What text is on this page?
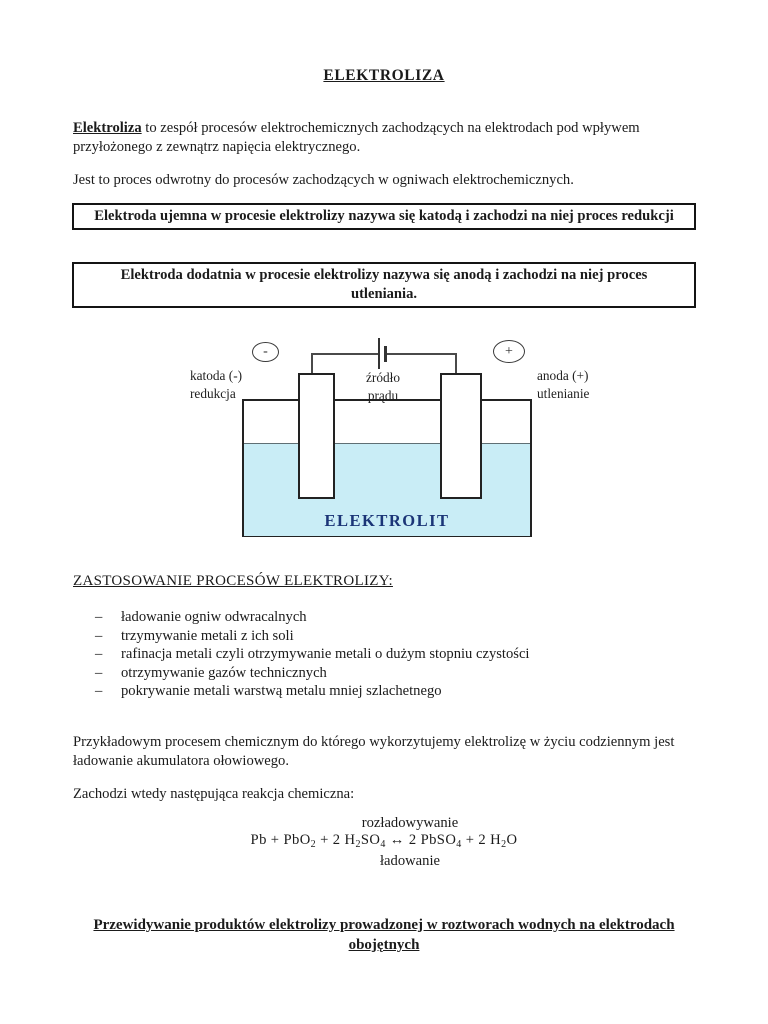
ELEKTROLIZA
Elektroliza to zespół procesów elektrochemicznych zachodzących na elektrodach pod wpływem przyłożonego z zewnątrz napięcia elektrycznego.
Jest to proces odwrotny do procesów zachodzących w ogniwach elektrochemicznych.
Elektroda ujemna w procesie elektrolizy nazywa się katodą i zachodzi na niej proces redukcji
Elektroda dodatnia w procesie elektrolizy nazywa się anodą i zachodzi na niej proces utleniania.
-	+
katoda (-)
redukcja
źródło
prądu
anoda (+)
utlenianie
ELEKTROLIT
ZASTOSOWANIE PROCESÓW ELEKTROLIZY:
–	ładowanie ogniw odwracalnych
–	trzymywanie metali z ich soli
–	rafinacja metali czyli otrzymywanie metali o dużym stopniu czystości
–	otrzymywanie gazów technicznych
–	pokrywanie metali warstwą metalu mniej szlachetnego
Przykładowym procesem chemicznym do którego wykorzytujemy elektrolizę w życiu codziennym jest ładowanie akumulatora ołowiowego.
Zachodzi wtedy następująca reakcja chemiczna:
rozładowywanie
Pb + PbO$_2$ + 2 $H_2SO_4$ ↔ 2 PbSO$_4$ + 2 $H_2O$
ładowanie
Przewidywanie produktów elektrolizy prowadzonej w roztworach wodnych na elektrodach obojętnych
